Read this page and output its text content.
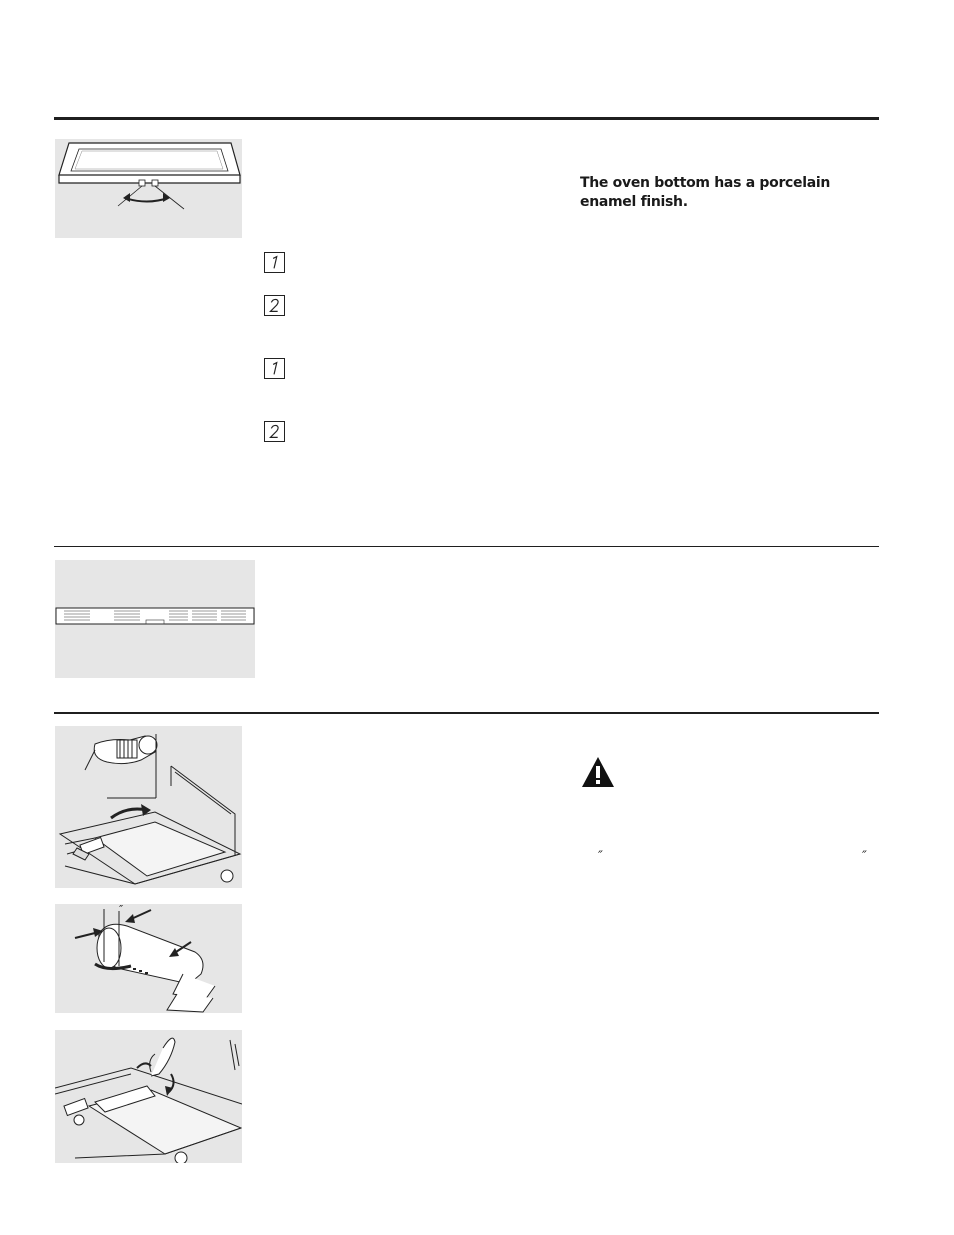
The oven bottom has a porcelain enamel finish.

″	″
″
